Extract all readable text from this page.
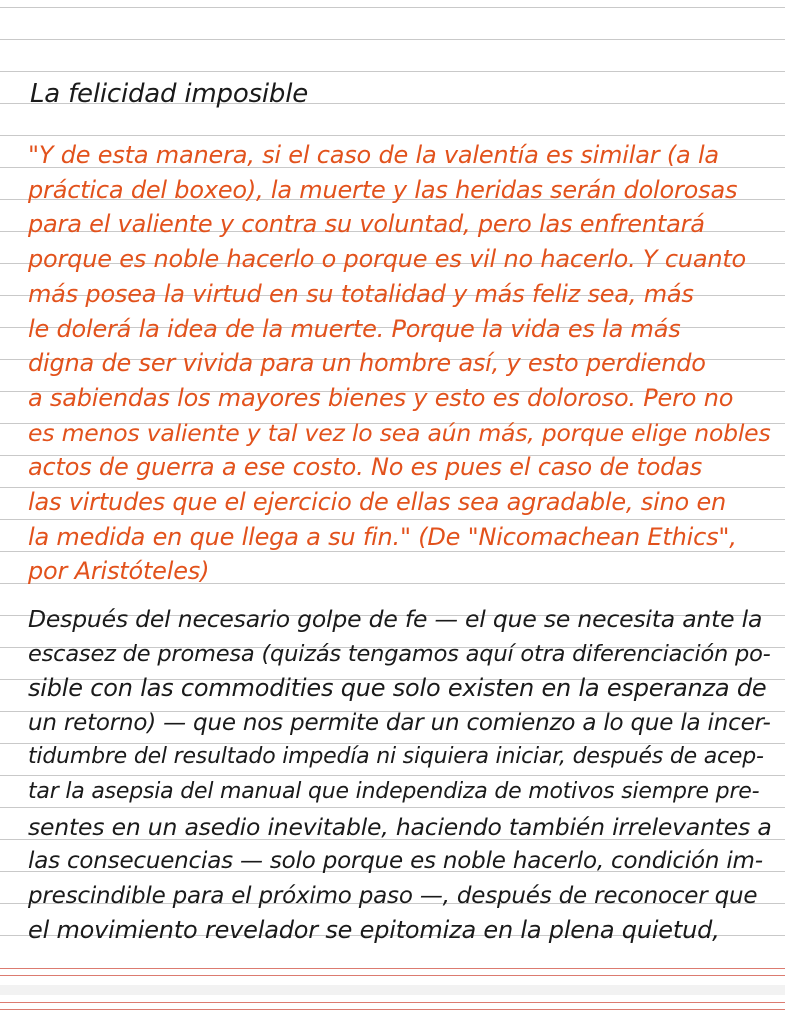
La felicidad imposible
"Y de esta manera, si el caso de la valentía es similar (a la
práctica del boxeo), la muerte y las heridas serán dolorosas
para el valiente y contra su voluntad, pero las enfrentará
porque es noble hacerlo o porque es vil no hacerlo. Y cuanto
más posea la virtud en su totalidad y más feliz sea, más
le dolerá la idea de la muerte. Porque la vida es la más
digna de ser vivida para un hombre así, y esto perdiendo
a sabiendas los mayores bienes y esto es doloroso. Pero no
es menos valiente y tal vez lo sea aún más, porque elige nobles
actos de guerra a ese costo. No es pues el caso de todas
las virtudes que el ejercicio de ellas sea agradable, sino en
la medida en que llega a su fin." (De "Nicomachean Ethics",
por Aristóteles)
Después del necesario golpe de fe — el que se necesita ante la
escasez de promesa (quizás tengamos aquí otra diferenciación po-
sible con las commodities que solo existen en la esperanza de
un retorno) — que nos permite dar un comienzo a lo que la incer-
tidumbre del resultado impedía ni siquiera iniciar, después de acep-
tar la asepsia del manual que independiza de motivos siempre pre-
sentes en un asedio inevitable, haciendo también irrelevantes a
las consecuencias — solo porque es noble hacerlo, condición im-
prescindible para el próximo paso —, después de reconocer que
el movimiento revelador se epitomiza en la plena quietud,
